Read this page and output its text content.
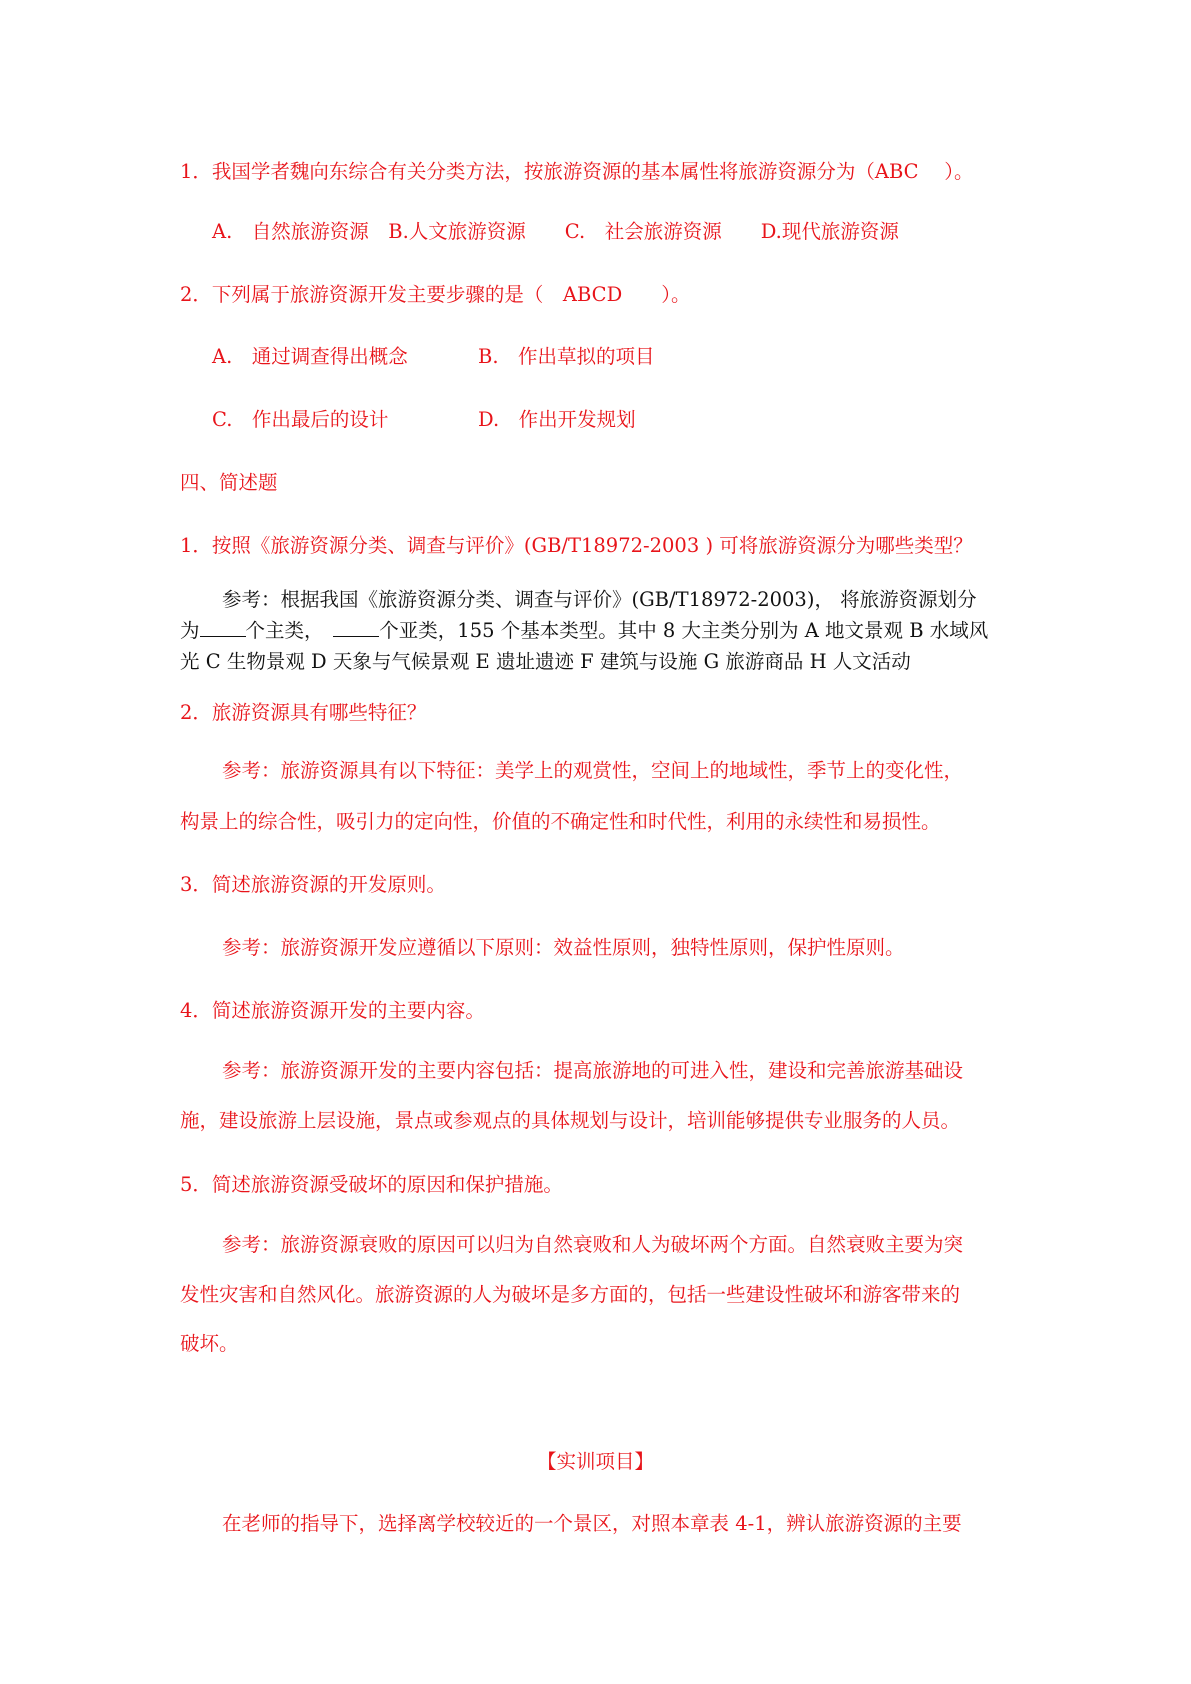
1．我国学者魏向东综合有关分类方法，按旅游资源的基本属性将旅游资源分为（ABC　 ）。
A.　自然旅游资源　B.人文旅游资源　　C.　社会旅游资源　　D.现代旅游资源
2．下列属于旅游资源开发主要步骤的是（　ABCD　　）。
A.　通过调查得出概念	B.　作出草拟的项目
C.　作出最后的设计	D.　作出开发规划
四、简述题
1．按照《旅游资源分类、调查与评价》(GB/T18972-2003 ) 可将旅游资源分为哪些类型？
参考：根据我国《旅游资源分类、调查与评价》(GB/T18972-2003)， 将旅游资源划分
为 个主类，　	个亚类，155 个基本类型。其中 8 大主类分别为 A 地文景观 B 水域风
光 C 生物景观 D 天象与气候景观 E 遗址遗迹 F 建筑与设施 G 旅游商品 H 人文活动
2．旅游资源具有哪些特征？
参考：旅游资源具有以下特征：美学上的观赏性，空间上的地域性，季节上的变化性，
构景上的综合性，吸引力的定向性，价值的不确定性和时代性，利用的永续性和易损性。
3．简述旅游资源的开发原则。
参考：旅游资源开发应遵循以下原则：效益性原则，独特性原则，保护性原则。
4．简述旅游资源开发的主要内容。
参考：旅游资源开发的主要内容包括：提高旅游地的可进入性，建设和完善旅游基础设
施，建设旅游上层设施，景点或参观点的具体规划与设计，培训能够提供专业服务的人员。
5．简述旅游资源受破坏的原因和保护措施。
参考：旅游资源衰败的原因可以归为自然衰败和人为破坏两个方面。自然衰败主要为突
发性灾害和自然风化。旅游资源的人为破坏是多方面的，包括一些建设性破坏和游客带来的
破坏。
【实训项目】
在老师的指导下，选择离学校较近的一个景区，对照本章表 4-1，辨认旅游资源的主要
